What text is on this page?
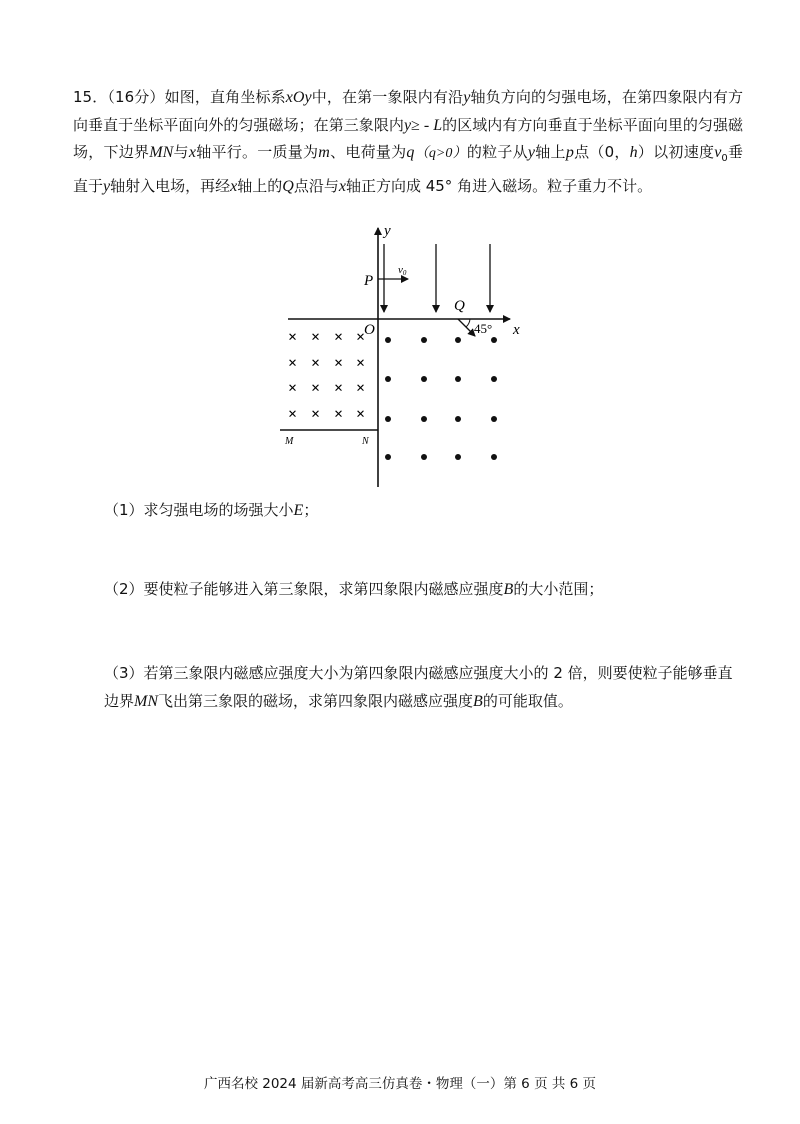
15．（16分）如图，直角坐标系xOy中，在第一象限内有沿y轴负方向的匀强电场，在第四象限内有方向垂直于坐标平面向外的匀强磁场；在第三象限内y≥ - L的区域内有方向垂直于坐标平面向里的匀强磁场，下边界MN与x轴平行。一质量为m、电荷量为q（q>0）的粒子从y轴上p点（0，h）以初速度$v_0$垂直于y轴射入电场，再经x轴上的Q点沿与x轴正方向成 45° 角进入磁场。粒子重力不计。
y
x
P
O
Q
v0
45°
M	N
× × × ×
× × × ×
× × × ×
× × × ×
（1）求匀强电场的场强大小E；
（2）要使粒子能够进入第三象限，求第四象限内磁感应强度B的大小范围；
（3）若第三象限内磁感应强度大小为第四象限内磁感应强度大小的 2 倍，则要使粒子能够垂直边界MN飞出第三象限的磁场，求第四象限内磁感应强度B的可能取值。
广西名校 2024 届新高考高三仿真卷・物理（一）第 6 页 共 6 页
